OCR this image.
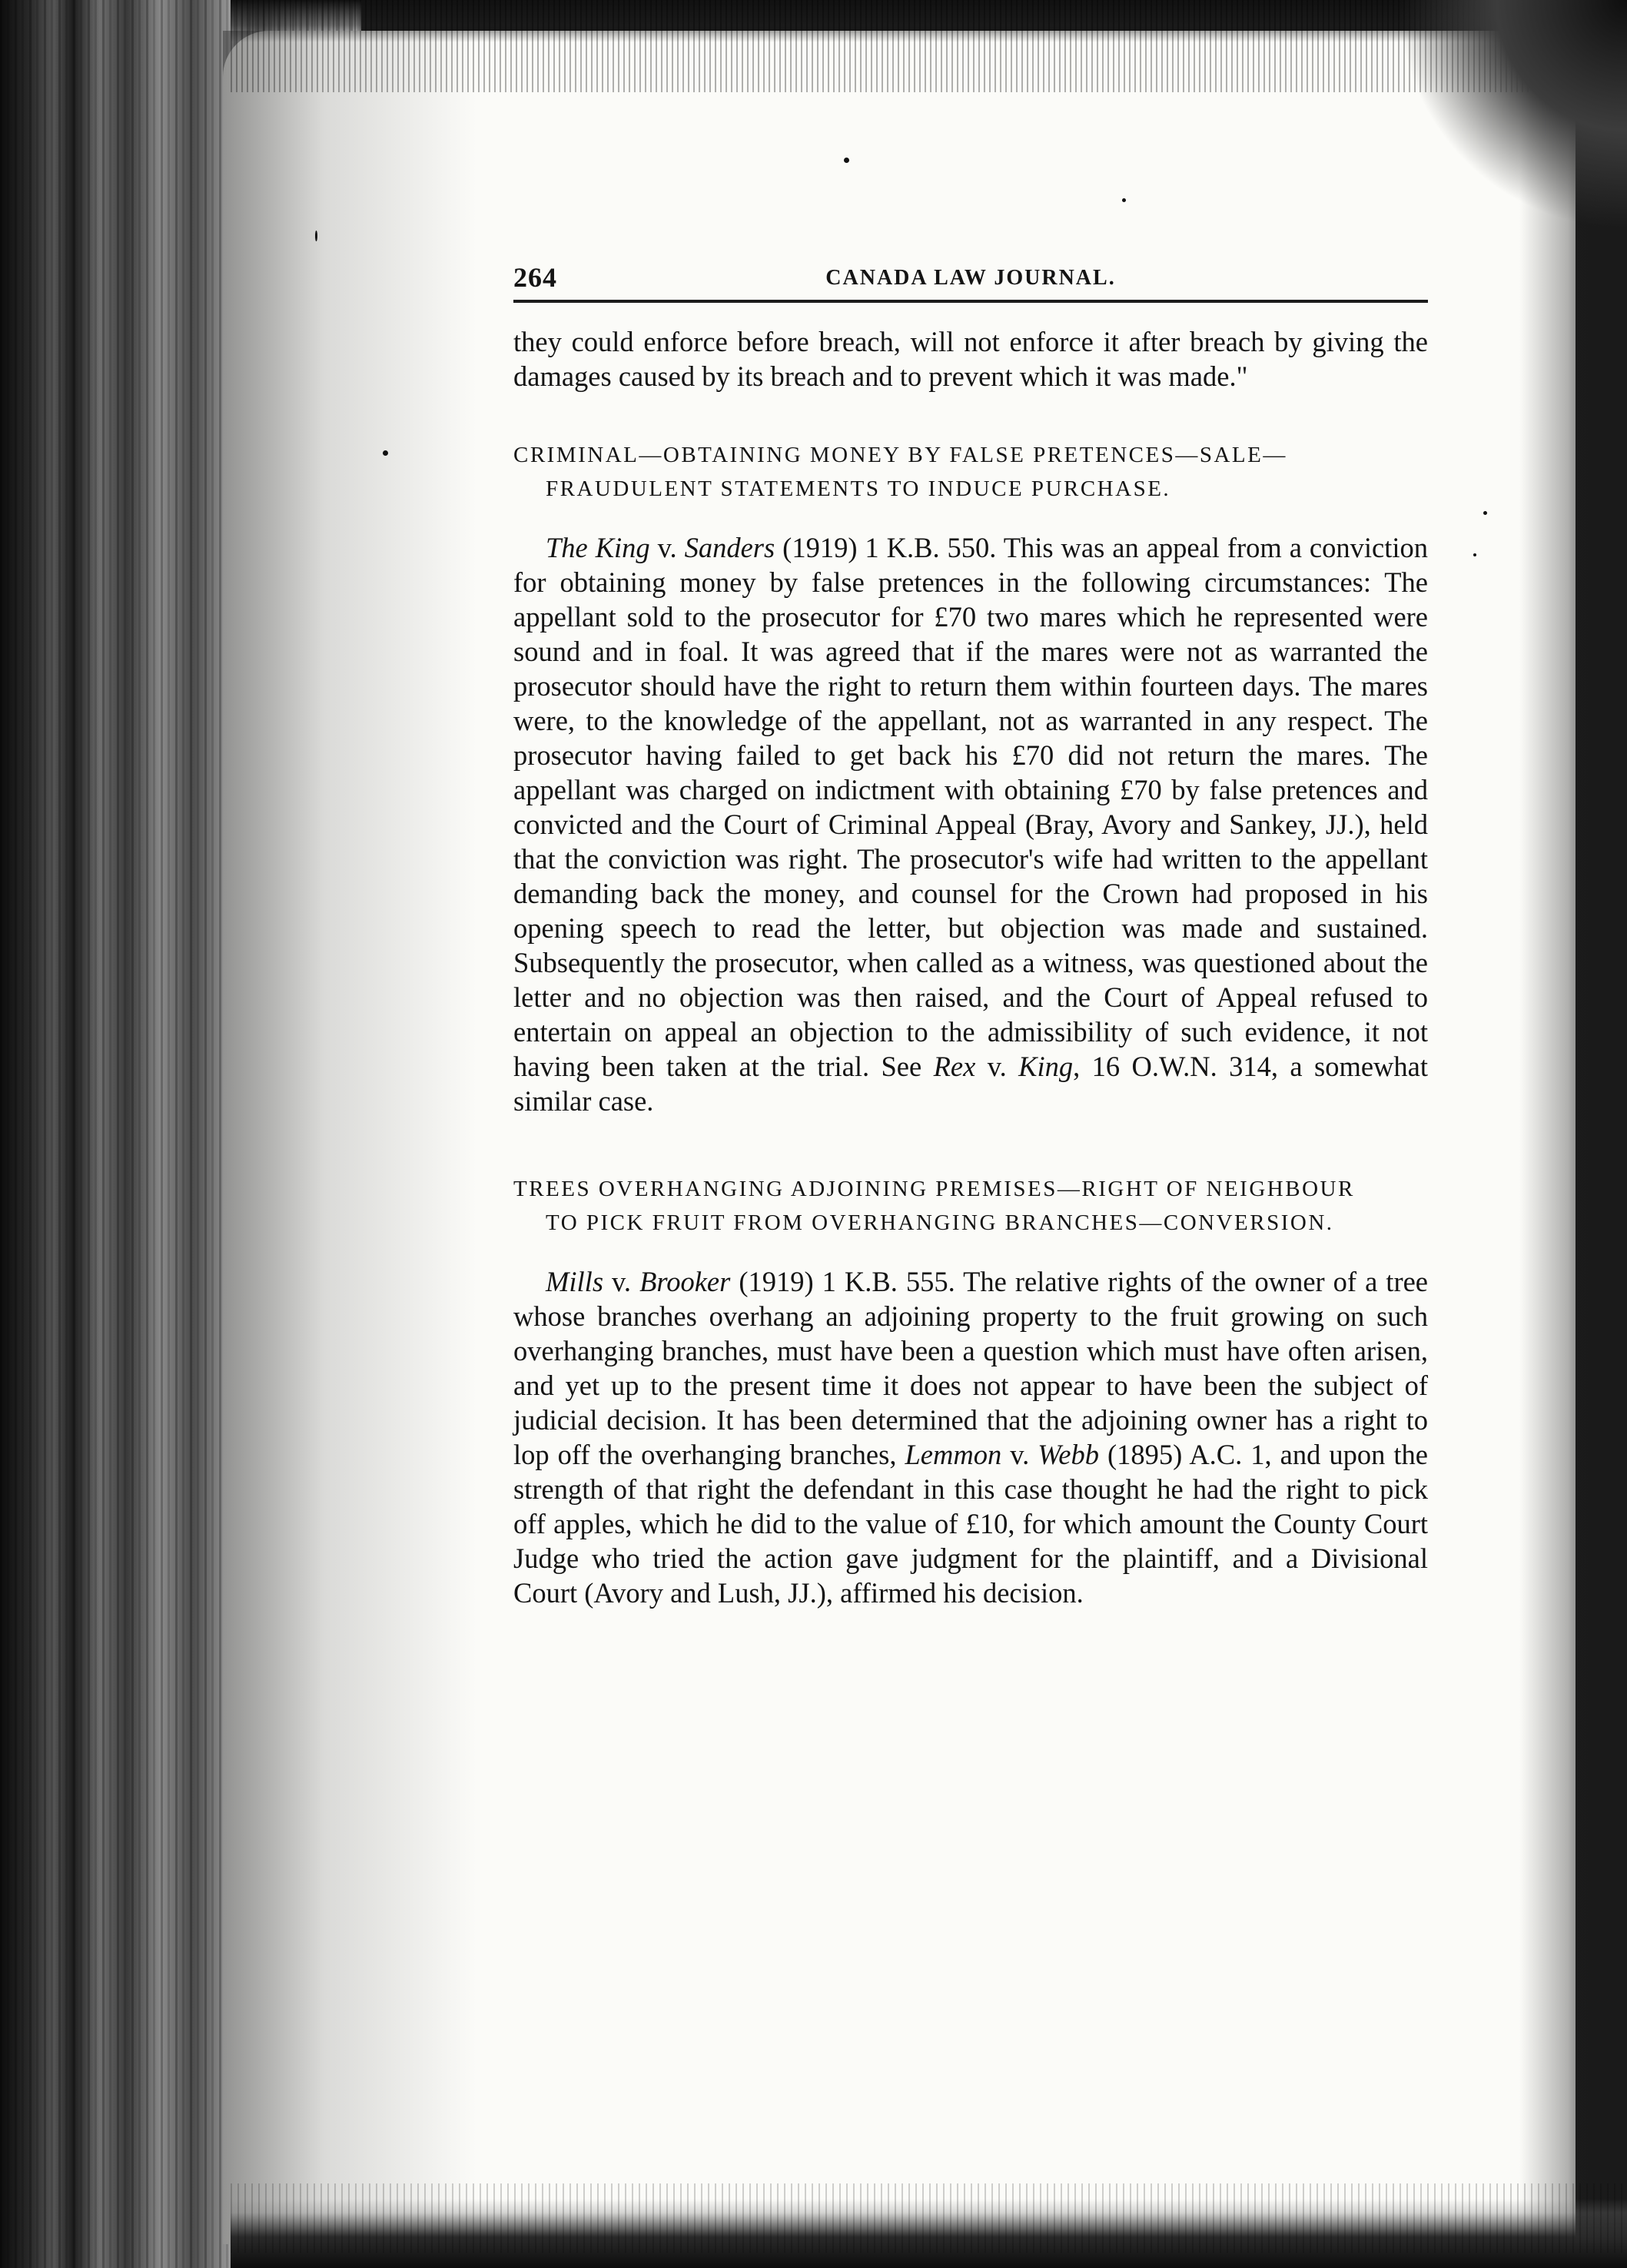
264	CANADA LAW JOURNAL.

they could enforce before breach, will not enforce it after breach by giving the damages caused by its breach and to prevent which it was made."

CRIMINAL—OBTAINING MONEY BY FALSE PRETENCES—SALE—
FRAUDULENT STATEMENTS TO INDUCE PURCHASE.

The King v. Sanders (1919) 1 K.B. 550. This was an appeal from a conviction for obtaining money by false pretences in the following circumstances: The appellant sold to the prosecutor for £70 two mares which he represented were sound and in foal. It was agreed that if the mares were not as warranted the prosecutor should have the right to return them within fourteen days. The mares were, to the knowledge of the appellant, not as warranted in any respect. The prosecutor having failed to get back his £70 did not return the mares. The appellant was charged on indictment with obtaining £70 by false pretences and convicted and the Court of Criminal Appeal (Bray, Avory and Sankey, JJ.), held that the conviction was right. The prosecutor's wife had written to the appellant demanding back the money, and counsel for the Crown had proposed in his opening speech to read the letter, but objection was made and sustained. Subsequently the prosecutor, when called as a witness, was questioned about the letter and no objection was then raised, and the Court of Appeal refused to entertain on appeal an objection to the admissibility of such evidence, it not having been taken at the trial. See Rex v. King, 16 O.W.N. 314, a somewhat similar case.

TREES OVERHANGING ADJOINING PREMISES—RIGHT OF NEIGHBOUR
TO PICK FRUIT FROM OVERHANGING BRANCHES—CONVERSION.

Mills v. Brooker (1919) 1 K.B. 555. The relative rights of the owner of a tree whose branches overhang an adjoining property to the fruit growing on such overhanging branches, must have been a question which must have often arisen, and yet up to the present time it does not appear to have been the subject of judicial decision. It has been determined that the adjoining owner has a right to lop off the overhanging branches, Lemmon v. Webb (1895) A.C. 1, and upon the strength of that right the defendant in this case thought he had the right to pick off apples, which he did to the value of £10, for which amount the County Court Judge who tried the action gave judgment for the plaintiff, and a Divisional Court (Avory and Lush, JJ.), affirmed his decision.
